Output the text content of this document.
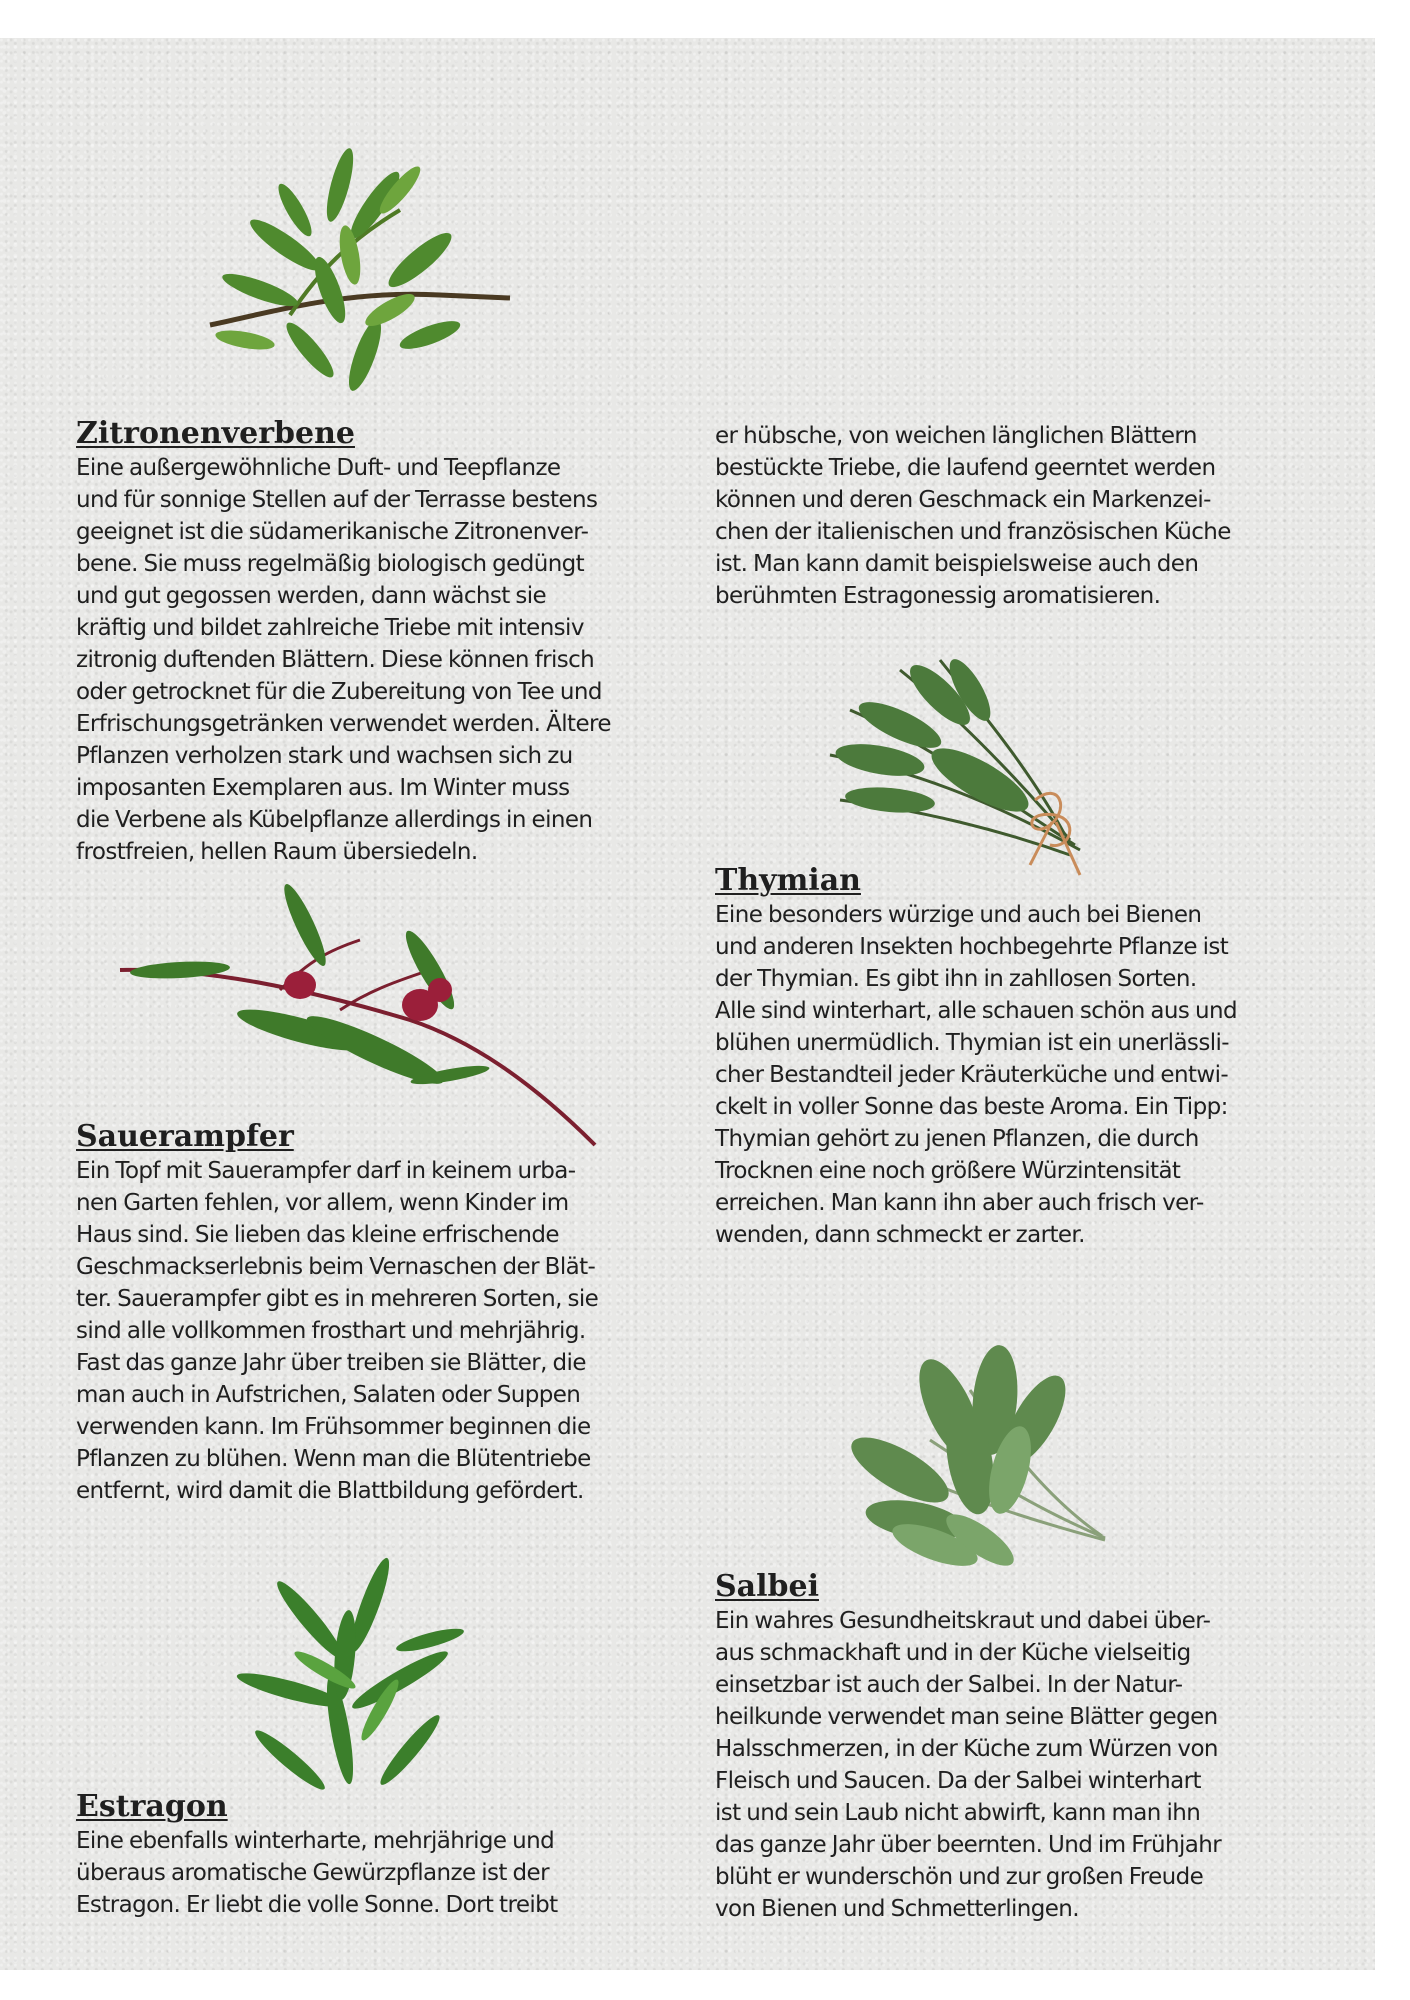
Zitronenverbene
Eine außergewöhnliche Duft- und Teepflanze
und für sonnige Stellen auf der Terrasse bestens
geeignet ist die südamerikanische Zitronenver-
bene. Sie muss regelmäßig biologisch gedüngt
und gut gegossen werden, dann wächst sie
kräftig und bildet zahlreiche Triebe mit intensiv
zitronig duftenden Blättern. Diese können frisch
oder getrocknet für die Zubereitung von Tee und
Erfrischungsgetränken verwendet werden. Ältere
Pflanzen verholzen stark und wachsen sich zu
imposanten Exemplaren aus. Im Winter muss
die Verbene als Kübelpflanze allerdings in einen
frostfreien, hellen Raum übersiedeln.
Sauerampfer
Ein Topf mit Sauerampfer darf in keinem urba-
nen Garten fehlen, vor allem, wenn Kinder im
Haus sind. Sie lieben das kleine erfrischende
Geschmackserlebnis beim Vernaschen der Blät-
ter. Sauerampfer gibt es in mehreren Sorten, sie
sind alle vollkommen frosthart und mehrjährig.
Fast das ganze Jahr über treiben sie Blätter, die
man auch in Aufstrichen, Salaten oder Suppen
verwenden kann. Im Frühsommer beginnen die
Pflanzen zu blühen. Wenn man die Blütentriebe
entfernt, wird damit die Blattbildung gefördert.
Estragon
Eine ebenfalls winterharte, mehrjährige und
überaus aromatische Gewürzpflanze ist der
Estragon. Er liebt die volle Sonne. Dort treibt
er hübsche, von weichen länglichen Blättern
bestückte Triebe, die laufend geerntet werden
können und deren Geschmack ein Markenzei-
chen der italienischen und französischen Küche
ist. Man kann damit beispielsweise auch den
berühmten Estragonessig aromatisieren.
Thymian
Eine besonders würzige und auch bei Bienen
und anderen Insekten hochbegehrte Pflanze ist
der Thymian. Es gibt ihn in zahllosen Sorten.
Alle sind winterhart, alle schauen schön aus und
blühen unermüdlich. Thymian ist ein unerlässli-
cher Bestandteil jeder Kräuterküche und entwi-
ckelt in voller Sonne das beste Aroma. Ein Tipp:
Thymian gehört zu jenen Pflanzen, die durch
Trocknen eine noch größere Würzintensität
erreichen. Man kann ihn aber auch frisch ver-
wenden, dann schmeckt er zarter.
Salbei
Ein wahres Gesundheitskraut und dabei über-
aus schmackhaft und in der Küche vielseitig
einsetzbar ist auch der Salbei. In der Natur-
heilkunde verwendet man seine Blätter gegen
Halsschmerzen, in der Küche zum Würzen von
Fleisch und Saucen. Da der Salbei winterhart
ist und sein Laub nicht abwirft, kann man ihn
das ganze Jahr über beernten. Und im Frühjahr
blüht er wunderschön und zur großen Freude
von Bienen und Schmetterlingen.
